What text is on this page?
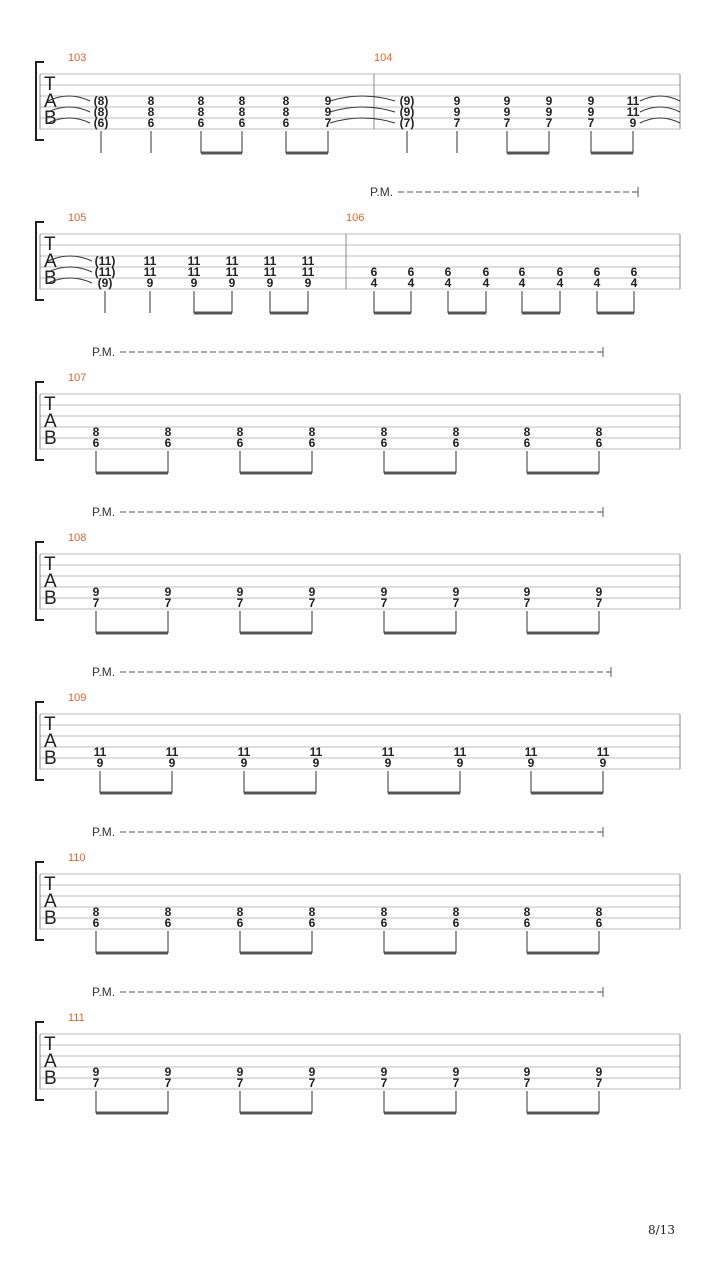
T
A
B
103
(8)
(8)
(6)
8
8
6
8
8
6
8
8
6
8
8
6
9
9
7
104
(9)
(9)
(7)
9
9
7
9
9
7
9
9
7
9
9
7
11
11
9
T
A
B
P.M.
105
(11)
(11)
(9)
11
11
9
11
11
9
11
11
9
11
11
9
11
11
9
106
6
4
6
4
6
4
6
4
6
4
6
4
6
4
6
4
T
A
B
P.M.
107
8
6
8
6
8
6
8
6
8
6
8
6
8
6
8
6
T
A
B
P.M.
108
9
7
9
7
9
7
9
7
9
7
9
7
9
7
9
7
T
A
B
P.M.
109
11
9
11
9
11
9
11
9
11
9
11
9
11
9
11
9
T
A
B
P.M.
110
8
6
8
6
8
6
8
6
8
6
8
6
8
6
8
6
T
A
B
P.M.
111
9
7
9
7
9
7
9
7
9
7
9
7
9
7
9
7
8/13
